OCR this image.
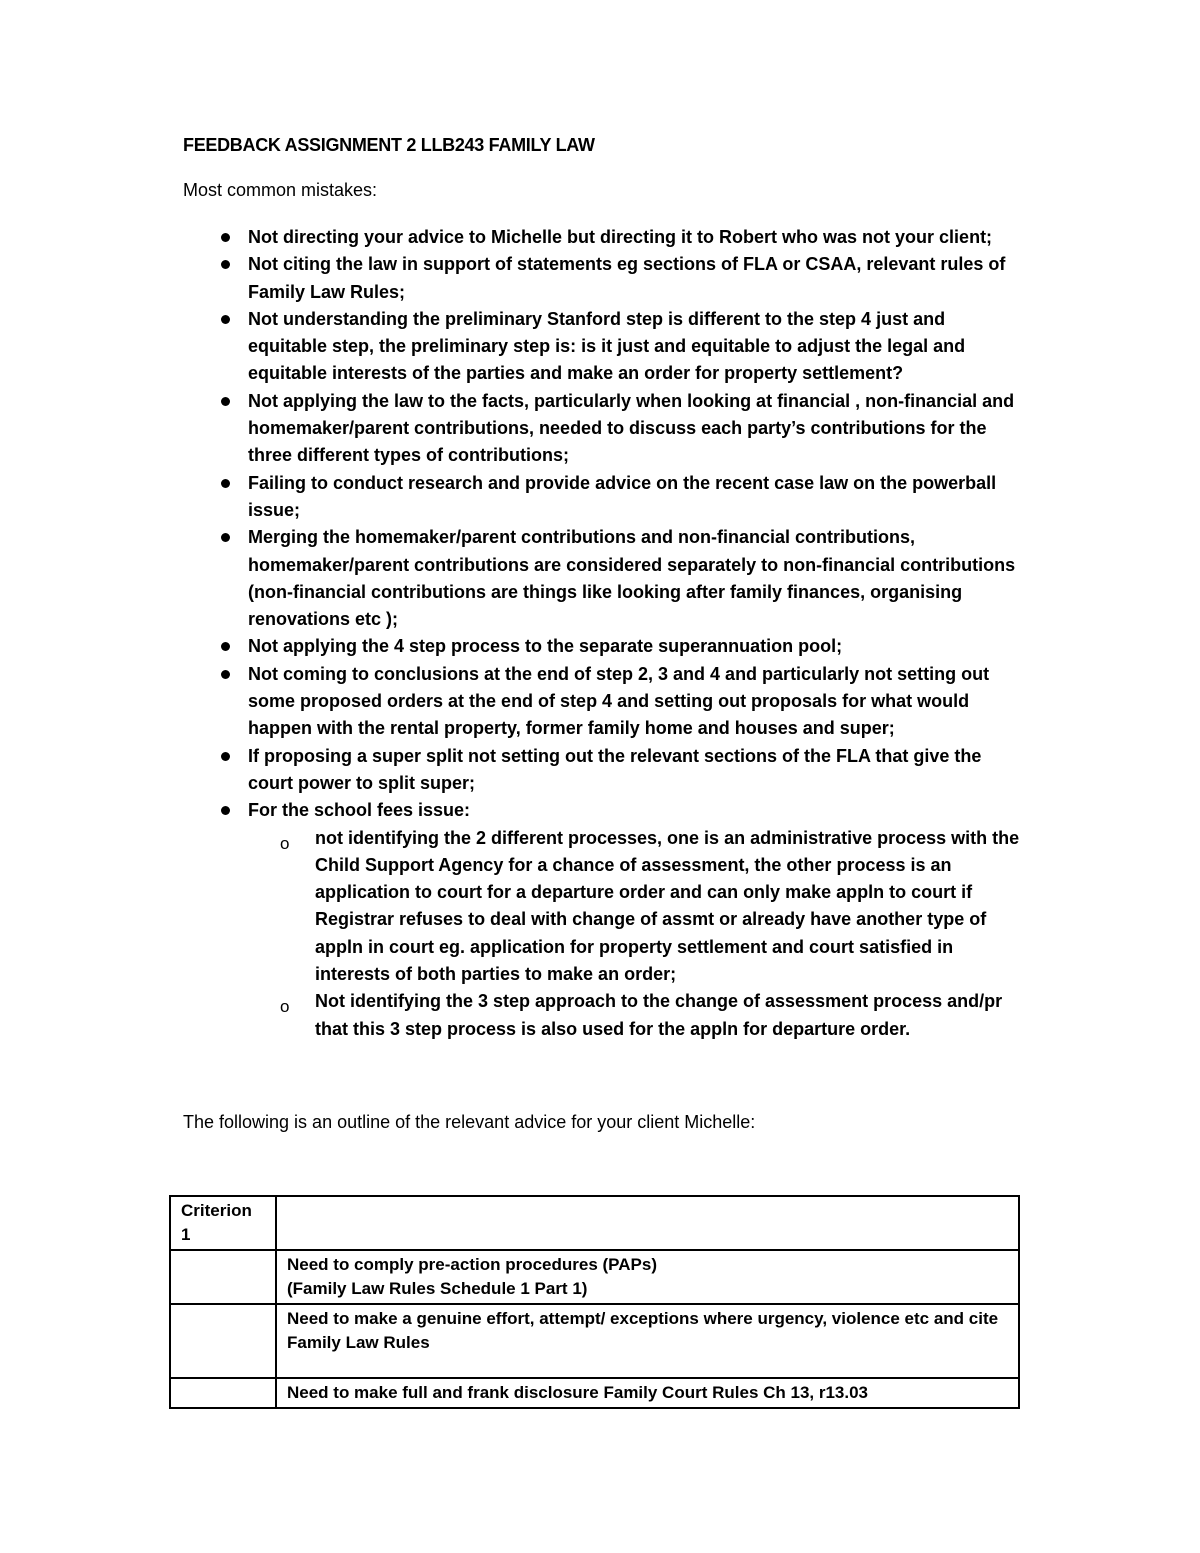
FEEDBACK ASSIGNMENT 2 LLB243 FAMILY LAW
Most common mistakes:
Not directing your advice to Michelle but directing it to Robert who was not your client;
Not citing the law in support of statements eg sections of FLA or CSAA, relevant rules of Family Law Rules;
Not understanding the preliminary Stanford step is different to the step 4 just and equitable step, the preliminary step is: is it just and equitable to adjust the legal and equitable interests of the parties and make an order for property settlement?
Not applying the law to the facts, particularly when looking at financial , non-financial and homemaker/parent contributions, needed to discuss each party’s contributions for the three different types of contributions;
Failing to conduct research and provide advice on the recent case law on the powerball issue;
Merging the homemaker/parent contributions and non-financial contributions, homemaker/parent contributions are considered separately to non-financial contributions (non-financial contributions are things like looking after family finances, organising renovations etc );
Not applying the 4 step process to the separate superannuation pool;
Not coming to conclusions at the end of step 2, 3 and 4 and particularly not setting out some proposed orders at the end of step 4 and setting out proposals for what would happen with the rental property, former family home and houses and super;
If proposing a super split not setting out the relevant sections of the FLA that give the court power to split super;
For the school fees issue:
o not identifying the 2 different processes, one is an administrative process with the Child Support Agency for a chance of assessment, the other process is an application to court for a departure order and can only make appln to court if Registrar refuses to deal with change of assmt or already have another type of appln in court eg. application for property settlement and court satisfied in interests of both parties to make an order;
o Not identifying the 3 step approach to the change of assessment process and/pr that this 3 step process is also used for the appln for departure order.
The following is an outline of the relevant advice for your client Michelle:
Criterion 1	

	Need to comply pre-action procedures (PAPs)
(Family Law Rules Schedule 1 Part 1)

	Need to make a genuine effort, attempt/ exceptions where urgency, violence etc and cite Family Law Rules

	Need to make full and frank disclosure Family Court Rules Ch 13, r13.03
